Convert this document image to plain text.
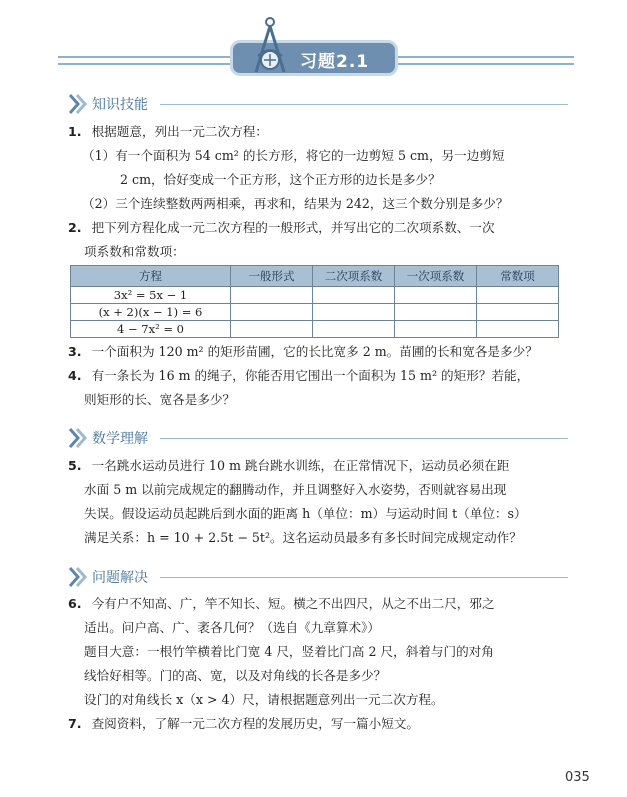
习题2.1
知识技能
1. 根据题意，列出一元二次方程：
（1）有一个面积为 54 cm² 的长方形，将它的一边剪短 5 cm，另一边剪短
2 cm，恰好变成一个正方形，这个正方形的边长是多少？
（2）三个连续整数两两相乘，再求和，结果为 242，这三个数分别是多少？
2. 把下列方程化成一元二次方程的一般形式，并写出它的二次项系数、一次
项系数和常数项：
方程	一般形式	二次项系数	一次项系数	常数项
3x² = 5x − 1				
(x + 2)(x − 1) = 6				
4 − 7x² = 0				
3. 一个面积为 120 m² 的矩形苗圃，它的长比宽多 2 m。苗圃的长和宽各是多少？
4. 有一条长为 16 m 的绳子，你能否用它围出一个面积为 15 m² 的矩形？若能，
则矩形的长、宽各是多少？
数学理解
5. 一名跳水运动员进行 10 m 跳台跳水训练，在正常情况下，运动员必须在距
水面 5 m 以前完成规定的翻腾动作，并且调整好入水姿势，否则就容易出现
失误。假设运动员起跳后到水面的距离 h（单位：m）与运动时间 t（单位：s）
满足关系：h = 10 + 2.5t − 5t²。这名运动员最多有多长时间完成规定动作？
问题解决
6. 今有户不知高、广，竿不知长、短。横之不出四尺，从之不出二尺，邪之
适出。问户高、广、袤各几何？（选自《九章算术》）
题目大意：一根竹竿横着比门宽 4 尺，竖着比门高 2 尺，斜着与门的对角
线恰好相等。门的高、宽，以及对角线的长各是多少？
设门的对角线长 x（x > 4）尺，请根据题意列出一元二次方程。
7. 查阅资料，了解一元二次方程的发展历史，写一篇小短文。
035
